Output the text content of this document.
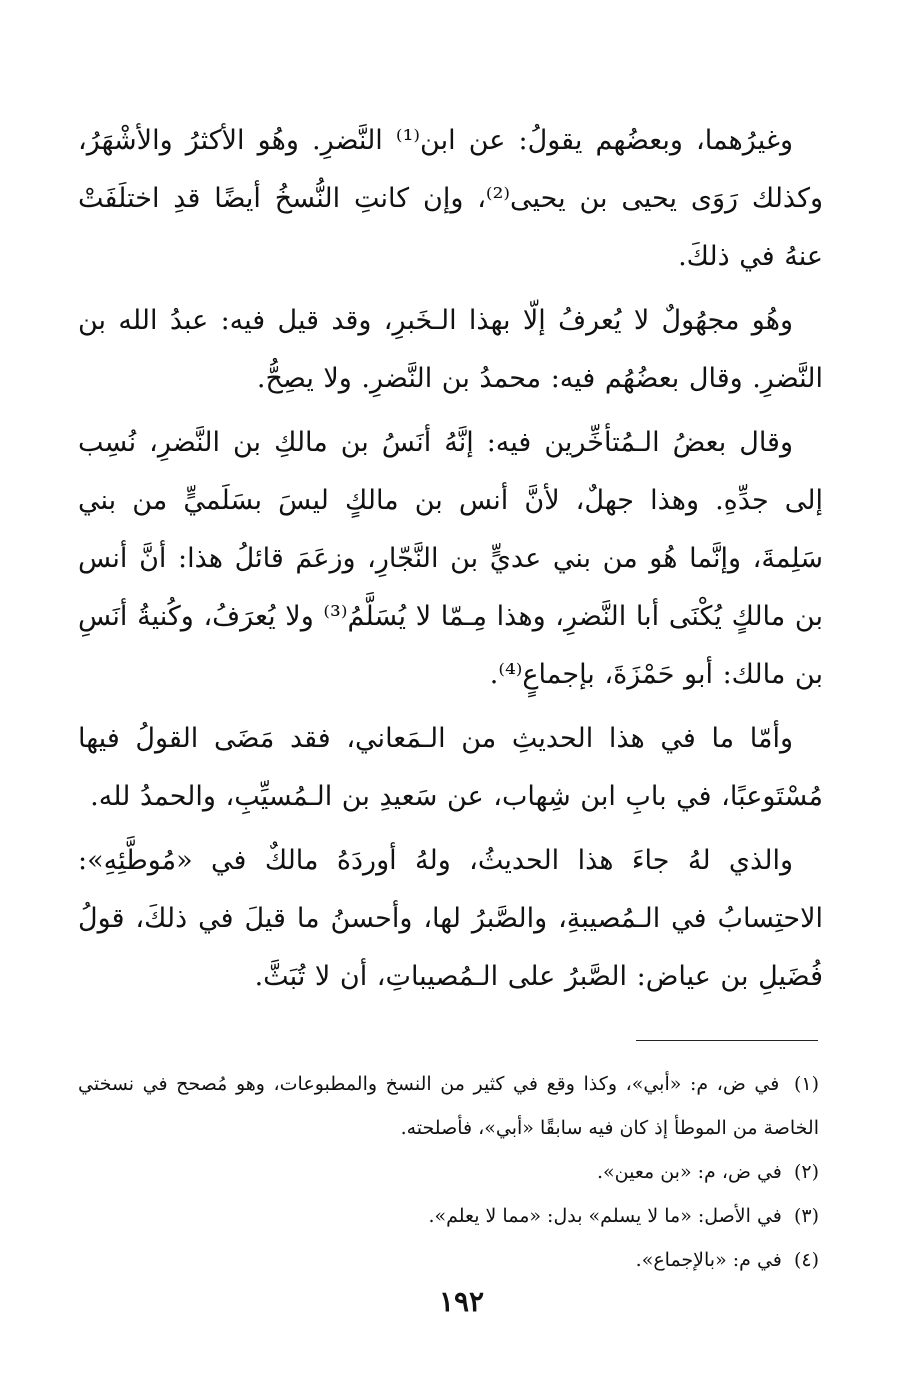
وغيرُهما، وبعضُهم يقولُ: عن ابن⁽¹⁾ النَّضرِ. وهُو الأكثرُ والأشْهَرُ، وكذلك رَوَى يحيى بن يحيى⁽²⁾، وإن كانتِ النُّسخُ أيضًا قدِ اختلَفَتْ عنهُ في ذلكَ.

وهُو مجهُولٌ لا يُعرفُ إلّا بهذا الـخَبرِ، وقد قيل فيه: عبدُ الله بن النَّضرِ. وقال بعضُهُم فيه: محمدُ بن النَّضرِ. ولا يصِحُّ.

وقال بعضُ الـمُتأخِّرين فيه: إنَّهُ أنَسُ بن مالكِ بن النَّضرِ، نُسِب إلى جدِّهِ. وهذا جهلٌ، لأنَّ أنس بن مالكٍ ليسَ بسَلَميٍّ من بني سَلِمةَ، وإنَّما هُو من بني عديٍّ بن النَّجّارِ، وزعَمَ قائلُ هذا: أنَّ أنس بن مالكٍ يُكْنَى أبا النَّضرِ، وهذا مِـمّا لا يُسَلَّمُ⁽³⁾ ولا يُعرَفُ، وكُنيةُ أنَسِ بن مالك: أبو حَمْزَةَ، بإجماعٍ⁽⁴⁾.

وأمّا ما في هذا الحديثِ من الـمَعاني، فقد مَضَى القولُ فيها مُسْتَوعبًا، في بابِ ابن شِهاب، عن سَعيدِ بن الـمُسيِّبِ، والحمدُ لله.

والذي لهُ جاءَ هذا الحديثُ، ولهُ أوردَهُ مالكٌ في «مُوطَّئِهِ»: الاحتِسابُ في الـمُصيبةِ، والصَّبرُ لها، وأحسنُ ما قيلَ في ذلكَ، قولُ فُضَيلِ بن عياض: الصَّبرُ على الـمُصيباتِ، أن لا تُبَثَّ.

(١) في ض، م: «أبي»، وكذا وقع في كثير من النسخ والمطبوعات، وهو مُصحح في نسختي الخاصة من الموطأ إذ كان فيه سابقًا «أبي»، فأصلحته.

(٢) في ض، م: «بن معين».

(٣) في الأصل: «ما لا يسلم» بدل: «مما لا يعلم».

(٤) في م: «بالإجماع».

١٩٢
